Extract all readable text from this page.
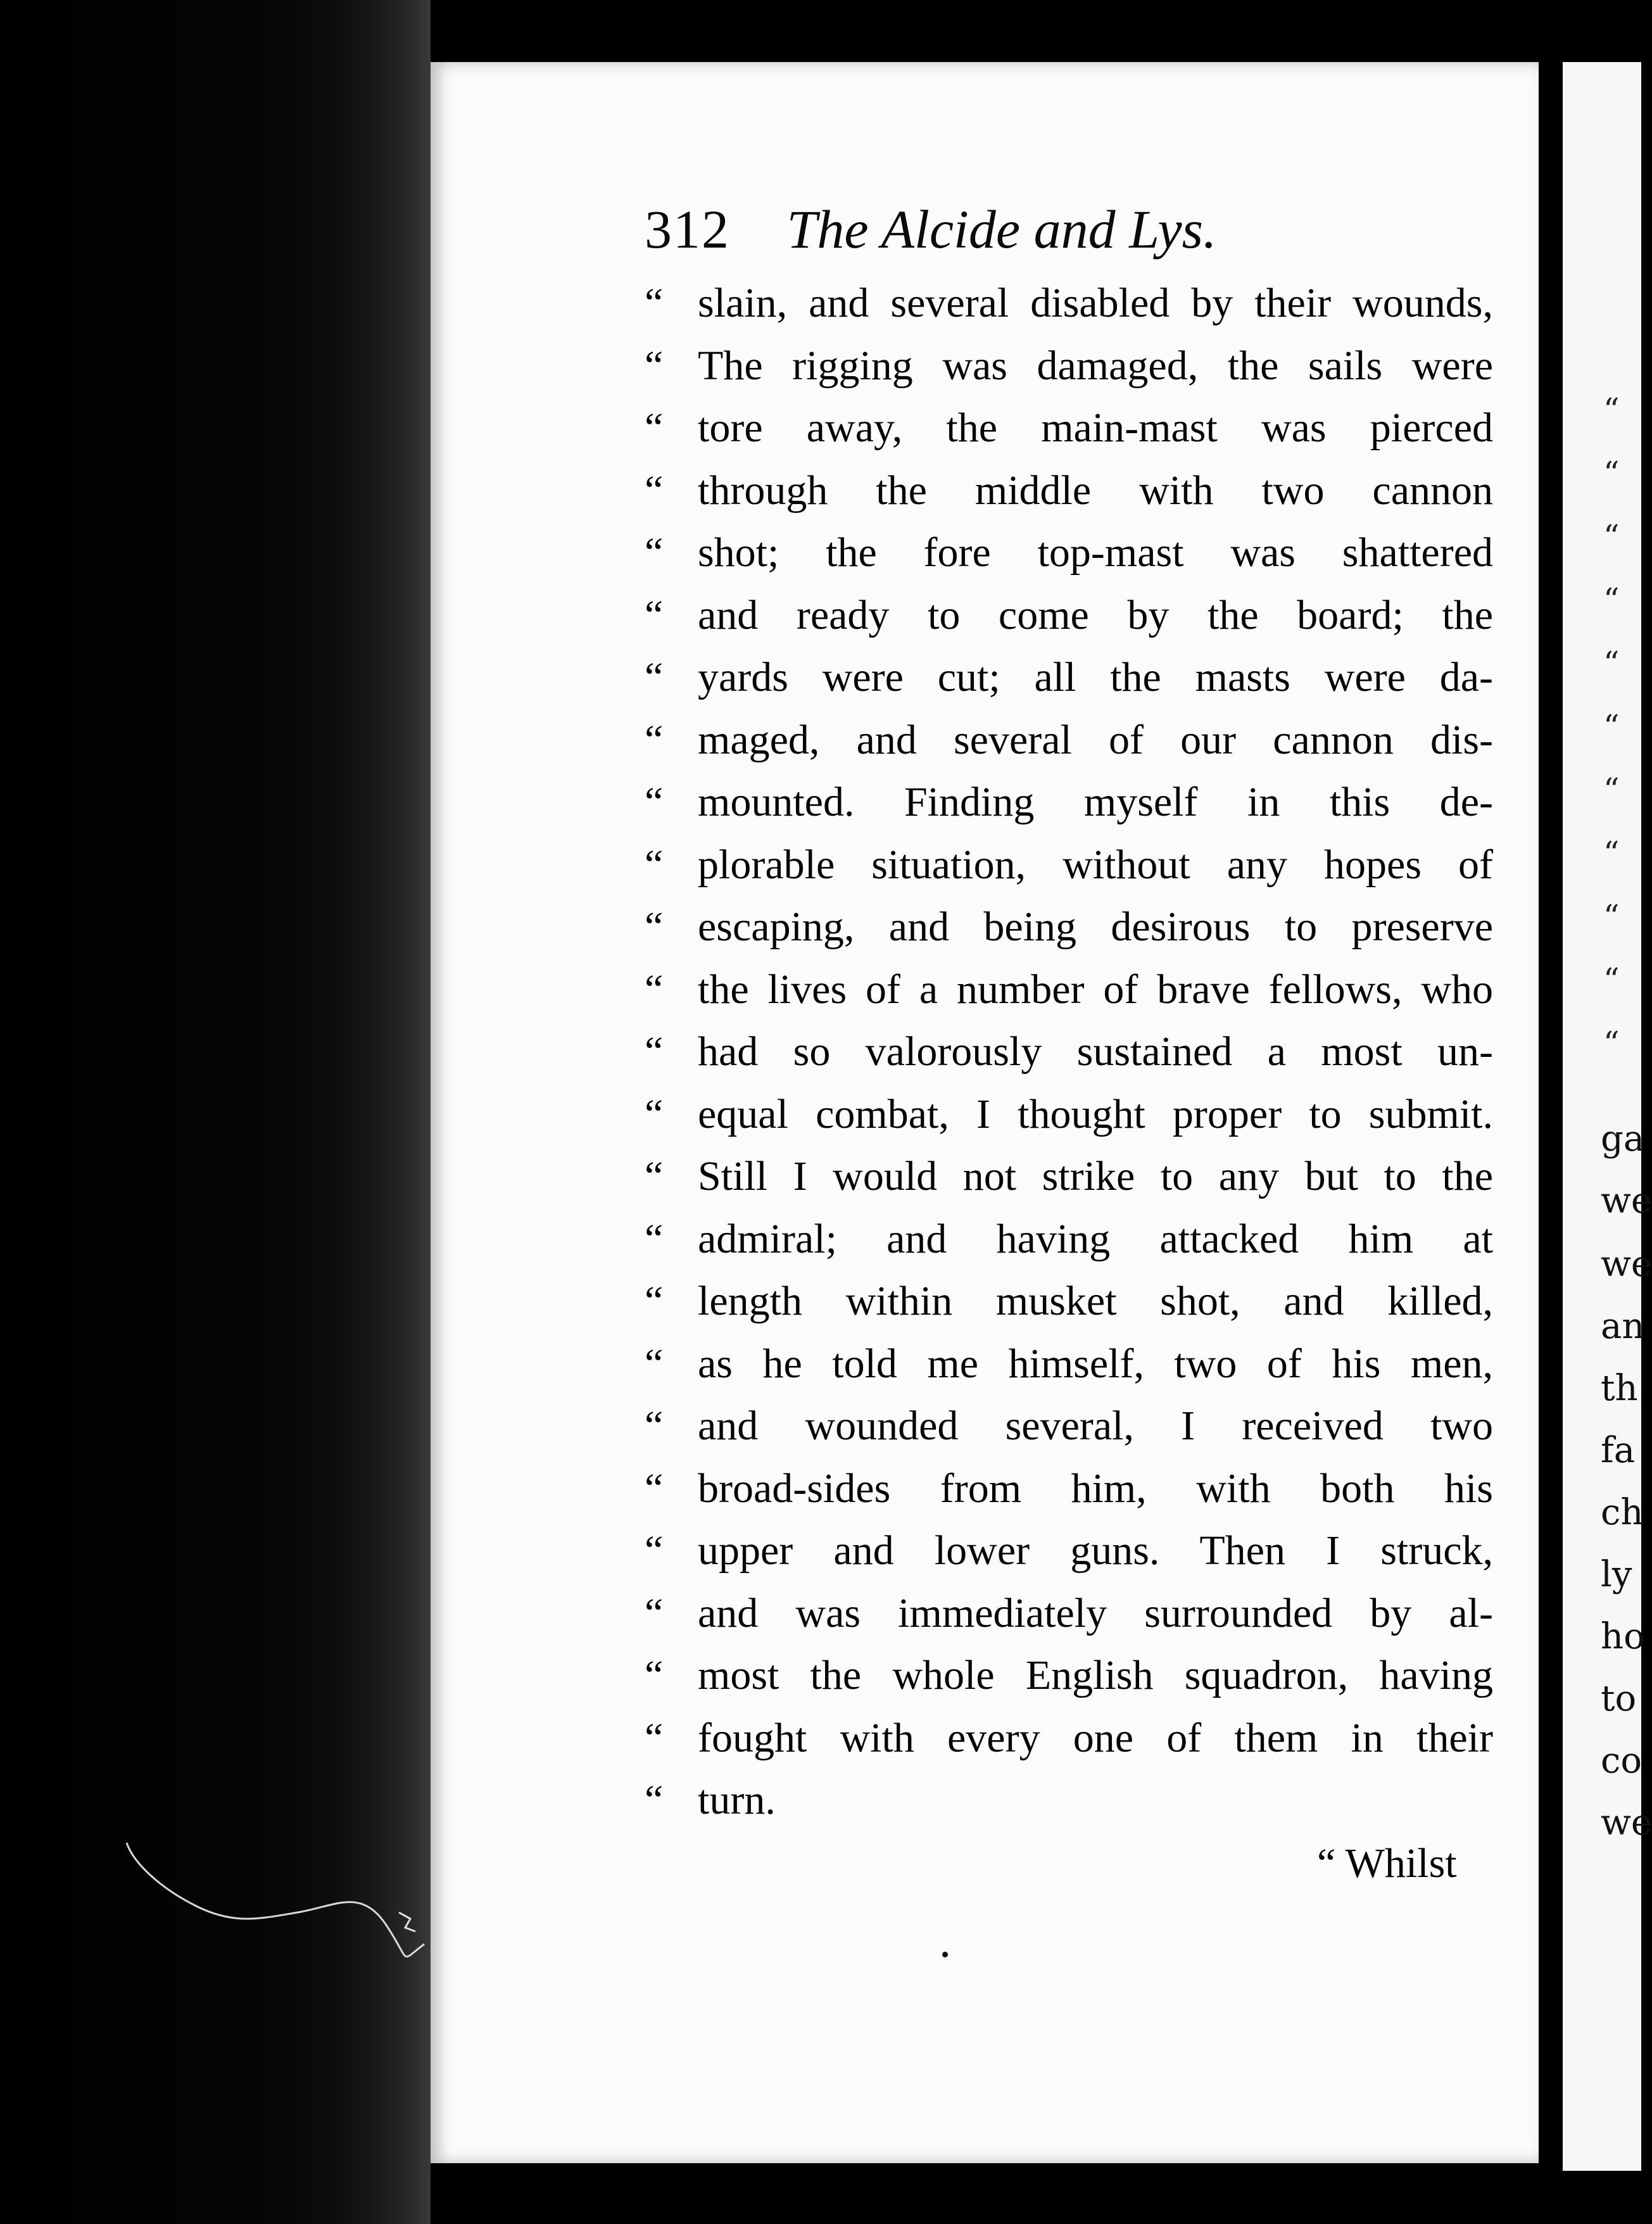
“
“
“
“
“
“
“
“
“
“
“
ga
we
we
an
th
fa
ch
ly
ho
to
co
we
312 The Alcide and Lys.
“ slain, and several disabled by their wounds,
“ The rigging was damaged, the sails were
“ tore away, the main-mast was pierced
“ through the middle with two cannon
“ shot; the fore top-mast was shattered
“ and ready to come by the board; the
“ yards were cut; all the masts were da-
“ maged, and several of our cannon dis-
“ mounted. Finding myself in this de-
“ plorable situation, without any hopes of
“ escaping, and being desirous to preserve
“ the lives of a number of brave fellows, who
“ had so valorously sustained a most un-
“ equal combat, I thought proper to submit.
“ Still I would not strike to any but to the
“ admiral; and having attacked him at
“ length within musket shot, and killed,
“ as he told me himself, two of his men,
“ and wounded several, I received two
“ broad-sides from him, with both his
“ upper and lower guns. Then I struck,
“ and was immediately surrounded by al-
“ most the whole English squadron, having
“ fought with every one of them in their
“ turn.
“ Whilst
